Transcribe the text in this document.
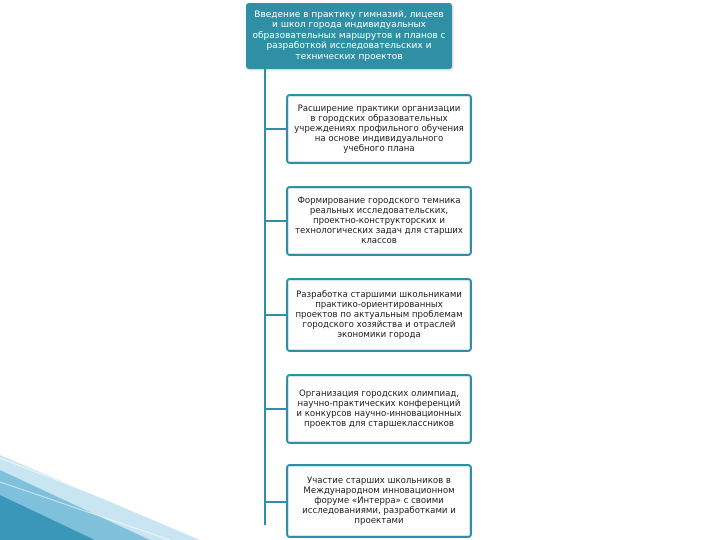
Введение в практику гимназий, лицеев и школ города индивидуальных образовательных маршрутов и планов с разработкой исследовательских и технических проектов
Расширение практики организации в городских образовательных учреждениях профильного обучения на основе индивидуального учебного плана
Формирование городского темника реальных исследовательских, проектно-конструкторских и технологических задач для старших классов
Разработка старшими школьниками практико-ориентированных проектов по актуальным проблемам городского хозяйства и отраслей экономики города
Организация городских олимпиад, научно-практических конференций и конкурсов научно-инновационных проектов для старшеклассников
Участие старших школьников в Международном инновационном форуме «Интерра» с своими исследованиями, разработками и проектами
